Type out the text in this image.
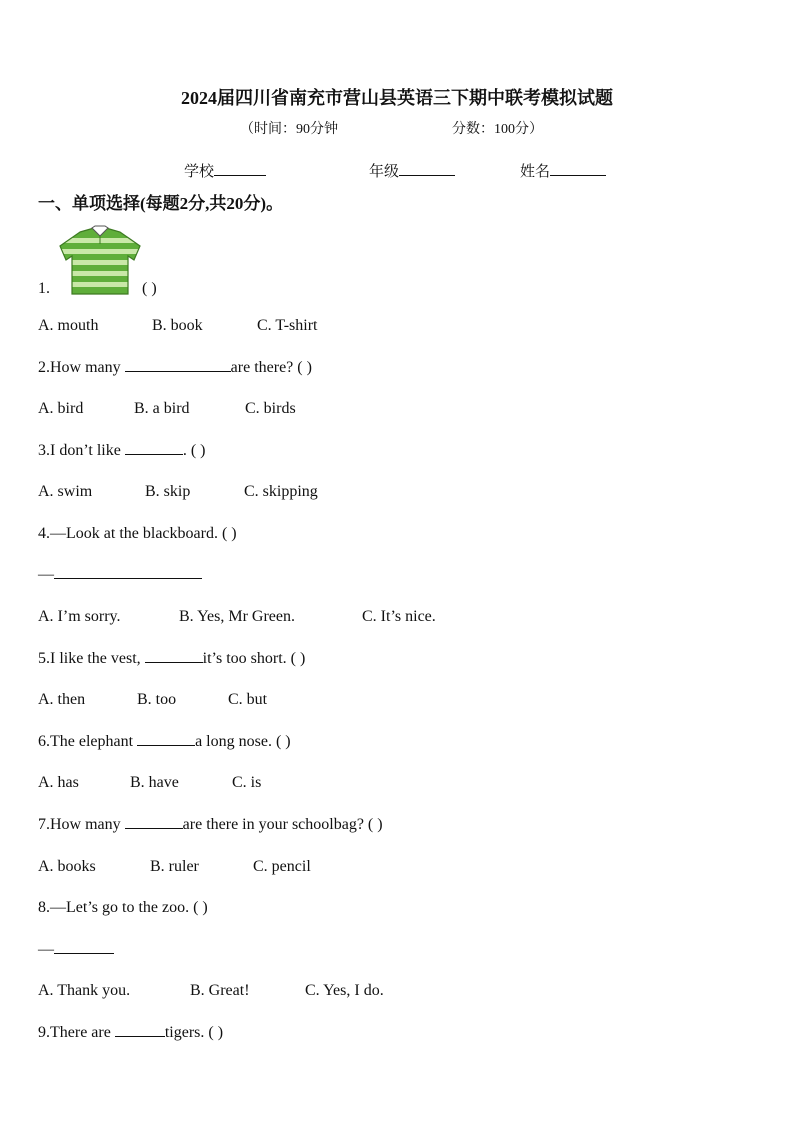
2024届四川省南充市营山县英语三下期中联考模拟试题
（时间：90分钟	分数：100分）
学校	年级	姓名
一、单项选择(每题2分,共20分)。
1.	( )
A. mouth	B. book	C. T-shirt
2.How many	are there? ( )
A. bird	B. a bird	C. birds
3.I don’t like	. ( )
A. swim	B. skip	C. skipping
4.—Look at the blackboard. ( )
—
A. I’m sorry.	B. Yes, Mr Green.	C. It’s nice.
5.I like the vest,	it’s too short. ( )
A. then	B. too	C. but
6.The elephant	a long nose. ( )
A. has	B. have	C. is
7.How many	are there in your schoolbag? ( )
A. books	B. ruler	C. pencil
8.—Let’s go to the zoo. ( )
—
A. Thank you.	B. Great!	C. Yes, I do.
9.There are	tigers. ( )
